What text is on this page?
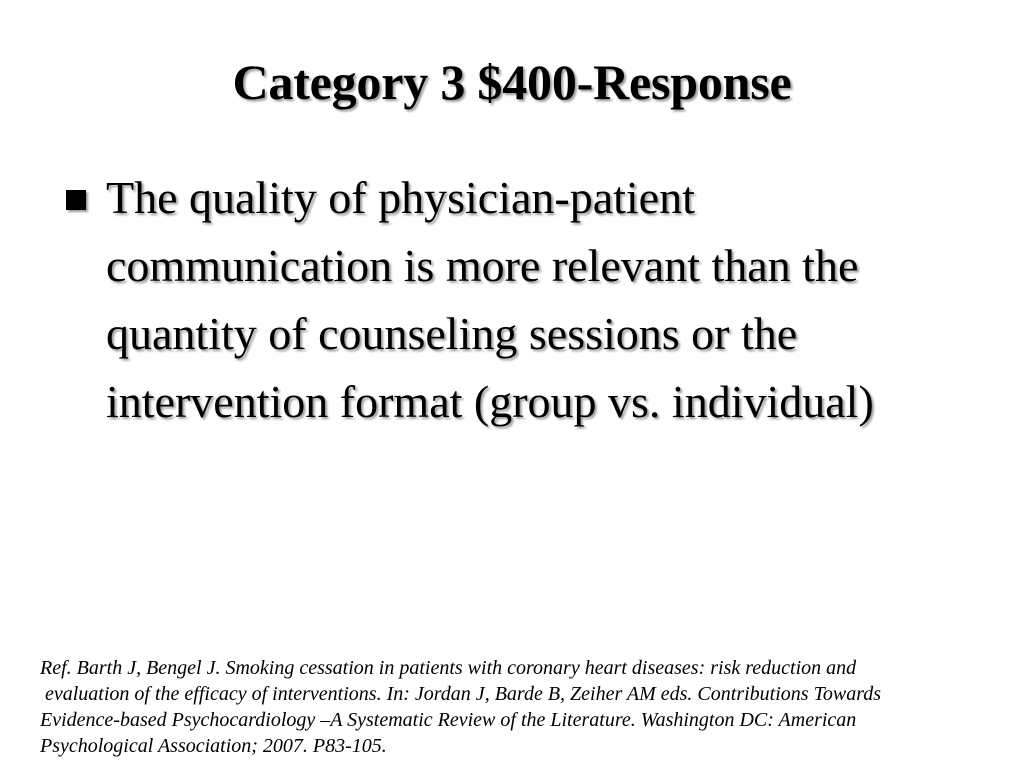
Category 3 $400-Response
The quality of physician-patient communication is more relevant than the quantity of counseling sessions or the intervention format (group vs. individual)
Ref. Barth J, Bengel J. Smoking cessation in patients with coronary heart diseases: risk reduction and
evaluation of the efficacy of interventions. In: Jordan J, Barde B, Zeiher AM eds. Contributions Towards
Evidence-based Psychocardiology –A Systematic Review of the Literature. Washington DC: American
Psychological Association; 2007. P83-105.
